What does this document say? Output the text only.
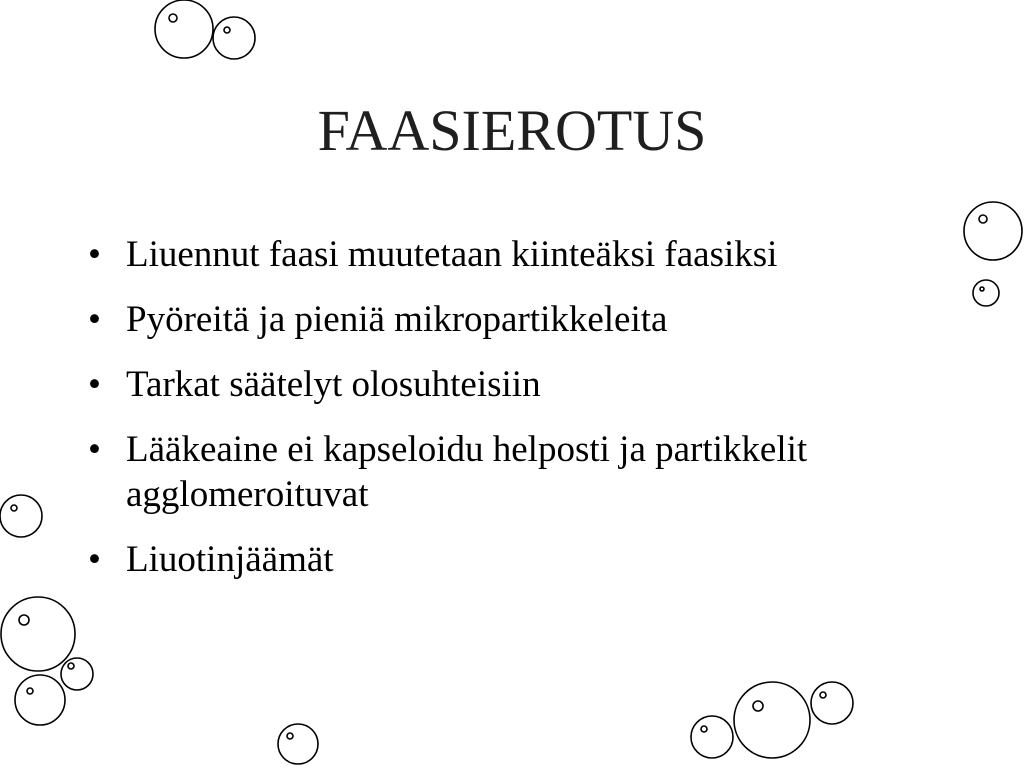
FAASIEROTUS
• Liuennut faasi muutetaan kiinteäksi faasiksi
• Pyöreitä ja pieniä mikropartikkeleita
• Tarkat säätelyt olosuhteisiin
• Lääkeaine ei kapseloidu helposti ja partikkelit agglomeroituvat
• Liuotinjäämät
